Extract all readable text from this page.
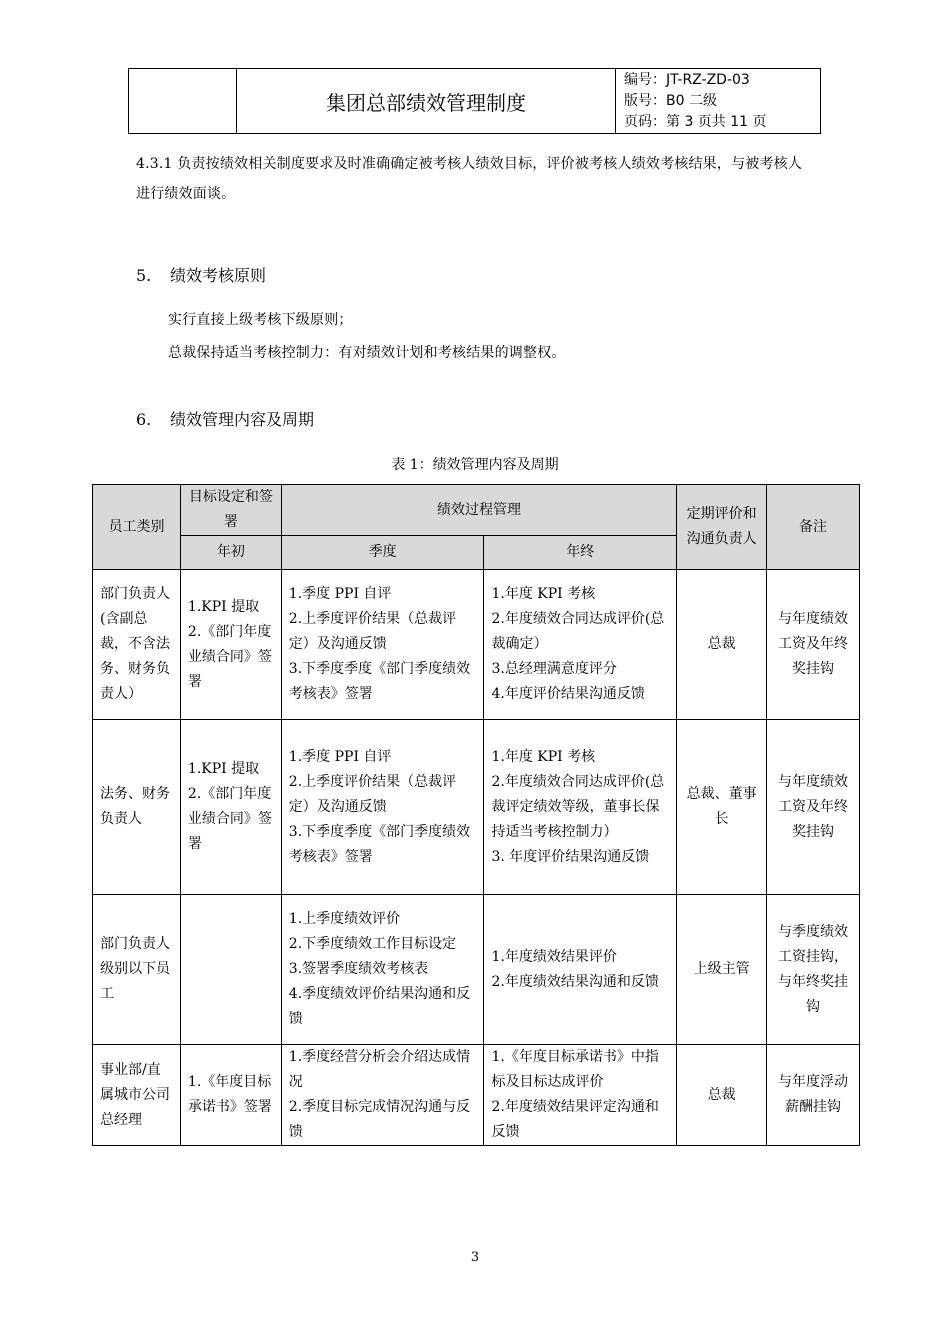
集团总部绩效管理制度
编号：JT-RZ-ZD-03
版号：B0 二级
页码：第 3 页共 11 页
4.3.1 负责按绩效相关制度要求及时准确确定被考核人绩效目标，评价被考核人绩效考核结果，与被考核人进行绩效面谈。
5. 绩效考核原则
实行直接上级考核下级原则；
总裁保持适当考核控制力：有对绩效计划和考核结果的调整权。
6. 绩效管理内容及周期
表 1：绩效管理内容及周期
员工类别	目标设定和签署	绩效过程管理		定期评价和沟通负责人	备注
	年初	季度	年终		
部门负责人(含副总裁，不含法务、财务负责人）	1.KPI 提取
2.《部门年度业绩合同》签署	1.季度 PPI 自评
2.上季度评价结果（总裁评定）及沟通反馈
3.下季度季度《部门季度绩效考核表》签署	1.年度 KPI 考核
2.年度绩效合同达成评价(总裁确定）
3.总经理满意度评分
4.年度评价结果沟通反馈	总裁	与年度绩效工资及年终奖挂钩
法务、财务负责人	1.KPI 提取
2.《部门年度业绩合同》签署	1.季度 PPI 自评
2.上季度评价结果（总裁评定）及沟通反馈
3.下季度季度《部门季度绩效考核表》签署	1.年度 KPI 考核
2.年度绩效合同达成评价(总裁评定绩效等级，董事长保持适当考核控制力）
3. 年度评价结果沟通反馈	总裁、董事长	与年度绩效工资及年终奖挂钩
部门负责人级别以下员工		1.上季度绩效评价
2.下季度绩效工作目标设定
3.签署季度绩效考核表
4.季度绩效评价结果沟通和反馈	1.年度绩效结果评价
2.年度绩效结果沟通和反馈	上级主管	与季度绩效工资挂钩，与年终奖挂钩
事业部/直属城市公司总经理	1.《年度目标承诺书》签署	1.季度经营分析会介绍达成情况
2.季度目标完成情况沟通与反馈	1.《年度目标承诺书》中指标及目标达成评价
2.年度绩效结果评定沟通和反馈	总裁	与年度浮动薪酬挂钩
3
